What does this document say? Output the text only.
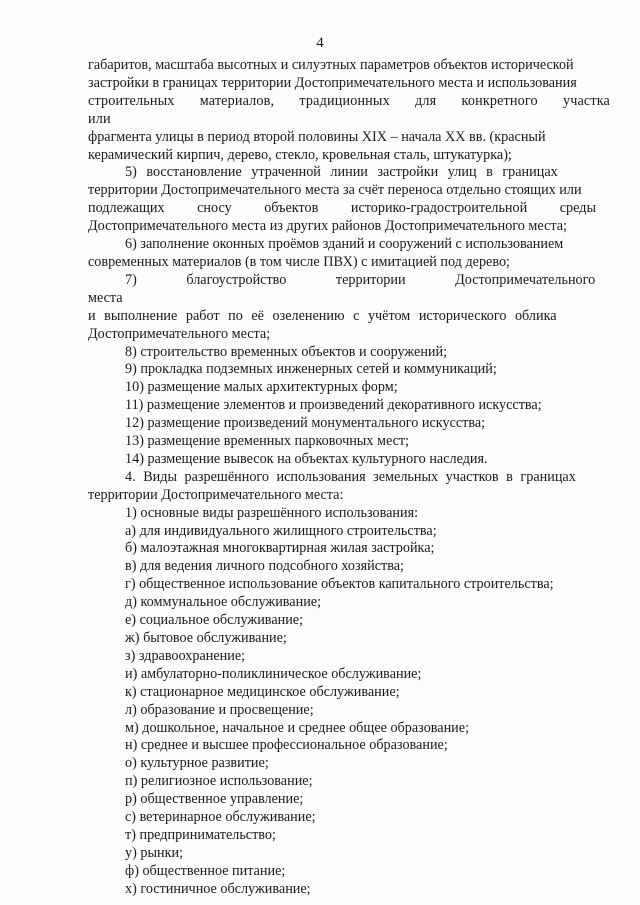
4

габаритов, масштаба высотных и силуэтных параметров объектов исторической

застройки в границах территории Достопримечательного места и использования

строительных материалов, традиционных для конкретного участка или

фрагмента улицы в период второй половины XIX – начала XX вв. (красный

керамический кирпич, дерево, стекло, кровельная сталь, штукатурка);

5) восстановление утраченной линии застройки улиц в границах

территории Достопримечательного места за счёт переноса отдельно стоящих или

подлежащих сносу объектов историко-градостроительной среды

Достопримечательного места из других районов Достопримечательного места;

6) заполнение оконных проёмов зданий и сооружений с использованием

современных материалов (в том числе ПВХ) с имитацией под дерево;

7) благоустройство территории Достопримечательного места

и выполнение работ по её озеленению с учётом исторического облика

Достопримечательного места;

8) строительство временных объектов и сооружений;

9) прокладка подземных инженерных сетей и коммуникаций;

10) размещение малых архитектурных форм;

11) размещение элементов и произведений декоративного искусства;

12) размещение произведений монументального искусства;

13) размещение временных парковочных мест;

14) размещение вывесок на объектах культурного наследия.

4. Виды разрешённого использования земельных участков в границах

территории Достопримечательного места:

1) основные виды разрешённого использования:

а) для индивидуального жилищного строительства;

б) малоэтажная многоквартирная жилая застройка;

в) для ведения личного подсобного хозяйства;

г) общественное использование объектов капитального строительства;

д) коммунальное обслуживание;

е) социальное обслуживание;

ж) бытовое обслуживание;

з) здравоохранение;

и) амбулаторно-поликлиническое обслуживание;

к) стационарное медицинское обслуживание;

л) образование и просвещение;

м) дошкольное, начальное и среднее общее образование;

н) среднее и высшее профессиональное образование;

о) культурное развитие;

п) религиозное использование;

р) общественное управление;

с) ветеринарное обслуживание;

т) предпринимательство;

у) рынки;

ф) общественное питание;

х) гостиничное обслуживание;
